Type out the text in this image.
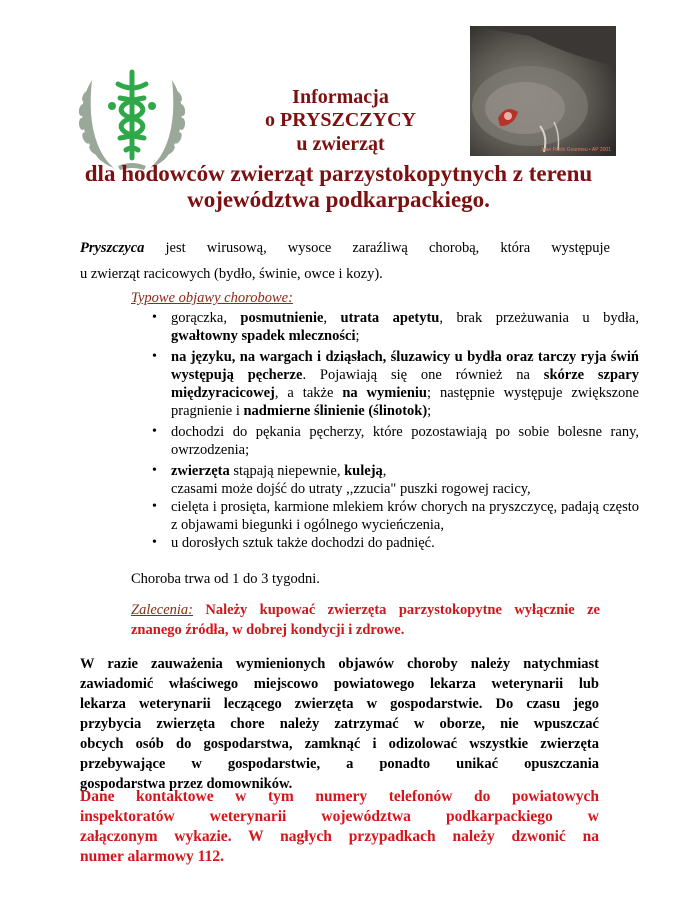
Jean Paolo Gourmeu • AP 2001
Informacja
o PRYSZCZYCY
u zwierząt
dla hodowców zwierząt parzystokopytnych z terenu
województwa podkarpackiego.
Pryszczyca jest wirusową, wysoce zaraźliwą chorobą, która występuje
u zwierząt racicowych (bydło, świnie, owce i kozy).
Typowe objawy chorobowe:
• gorączka, posmutnienie, utrata apetytu, brak przeżuwania u bydła, gwałtowny spadek mleczności;
• na języku, na wargach i dziąsłach, śluzawicy u bydła oraz tarczy ryja świń występują pęcherze. Pojawiają się one również na skórze szpary międzyracicowej, a także na wymieniu; następnie występuje zwiększone pragnienie i nadmierne ślinienie (ślinotok);
• dochodzi do pękania pęcherzy, które pozostawiają po sobie bolesne rany, owrzodzenia;
• zwierzęta stąpają niepewnie, kuleją,
czasami może dojść do utraty ,,zzucia" puszki rogowej racicy,
• cielęta i prosięta, karmione mlekiem krów chorych na pryszczycę, padają często z objawami biegunki i ogólnego wycieńczenia,
• u dorosłych sztuk także dochodzi do padnięć.
Choroba trwa od 1 do 3 tygodni.
Zalecenia: Należy kupować zwierzęta parzystokopytne wyłącznie ze
znanego źródła, w dobrej kondycji i zdrowe.
W razie zauważenia wymienionych objawów choroby należy natychmiast
zawiadomić właściwego miejscowo powiatowego lekarza weterynarii lub
lekarza weterynarii leczącego zwierzęta w gospodarstwie. Do czasu jego
przybycia zwierzęta chore należy zatrzymać w oborze, nie wpuszczać
obcych osób do gospodarstwa, zamknąć i odizolować wszystkie zwierzęta
przebywające w gospodarstwie, a ponadto unikać opuszczania
gospodarstwa przez domowników.
Dane kontaktowe w tym numery telefonów do powiatowych
inspektoratów weterynarii województwa podkarpackiego w
załączonym wykazie. W nagłych przypadkach należy dzwonić na
numer alarmowy 112.
